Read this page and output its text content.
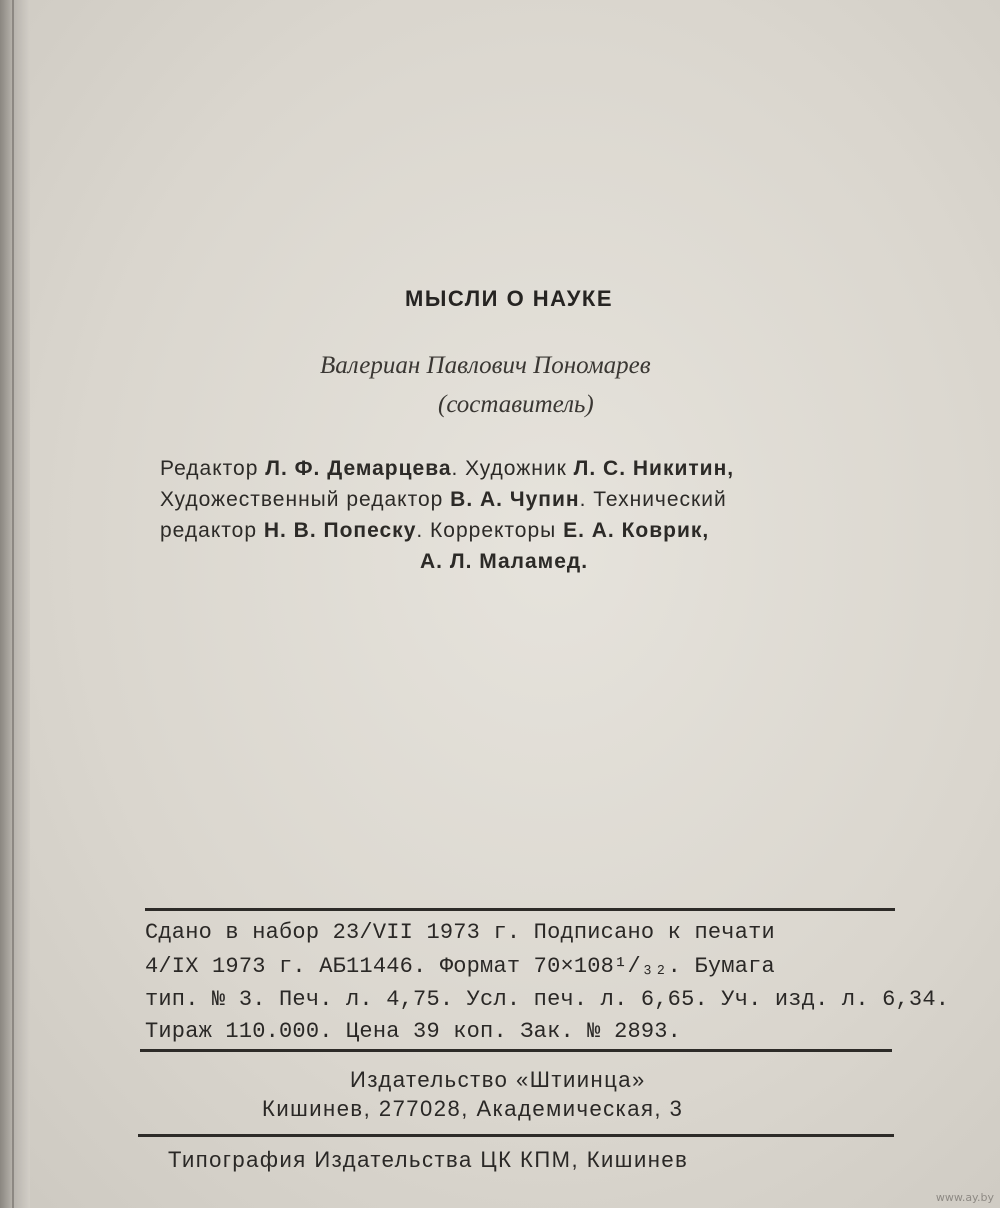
МЫСЛИ О НАУКЕ
Валериан Павлович Пономарев
(составитель)
Редактор Л. Ф. Демарцева. Художник Л. С. Никитин,
Художественный редактор В. А. Чупин. Технический
редактор Н. В. Попеску. Корректоры Е. А. Коврик,
А. Л. Маламед.
Сдано в набор 23/VII 1973 г. Подписано к печати
4/IX 1973 г. АБ11446. Формат 70×108¹/₃₂. Бумага
тип. № 3. Печ. л. 4,75. Усл. печ. л. 6,65. Уч. изд. л. 6,34.
Тираж 110.000. Цена 39 коп. Зак. № 2893.
Издательство «Штиинца»
Кишинев, 277028, Академическая, 3
Типография Издательства ЦК КПМ, Кишинев
www.ay.by
